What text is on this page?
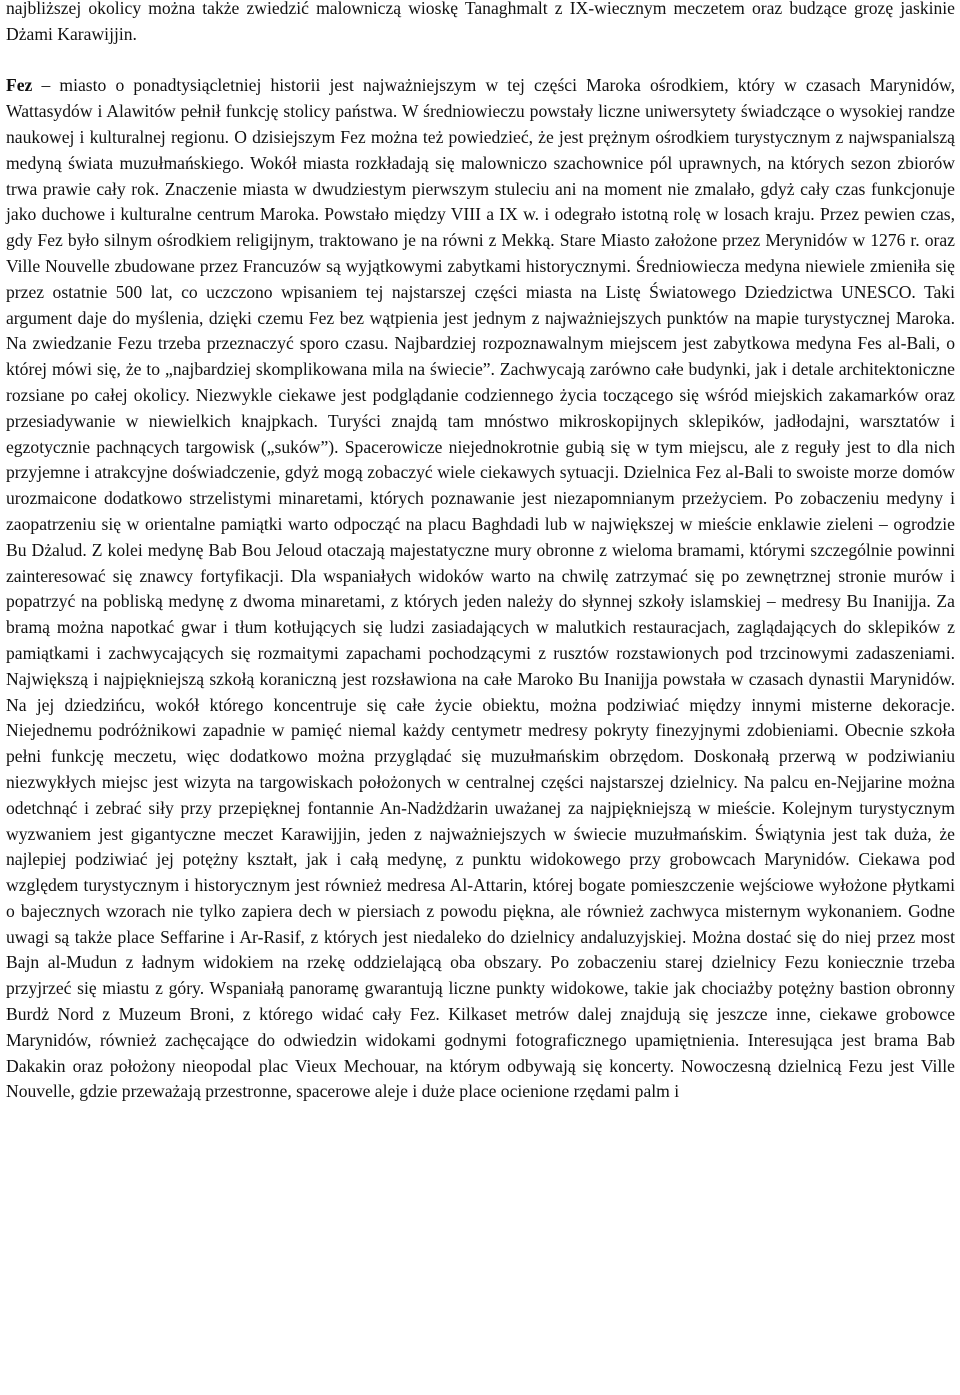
najbliższej okolicy można także zwiedzić malowniczą wioskę Tanaghmalt z IX-wiecznym meczetem oraz budzące grozę jaskinie Dżami Karawijjin.

Fez – miasto o ponadtysiącletniej historii jest najważniejszym w tej części Maroka ośrodkiem, który w czasach Marynidów, Wattasydów i Alawitów pełnił funkcję stolicy państwa. W średniowieczu powstały liczne uniwersytety świadczące o wysokiej randze naukowej i kulturalnej regionu. O dzisiejszym Fez można też powiedzieć, że jest prężnym ośrodkiem turystycznym z najwspanialszą medyną świata muzułmańskiego. Wokół miasta rozkładają się malowniczo szachownice pól uprawnych, na których sezon zbiorów trwa prawie cały rok. Znaczenie miasta w dwudziestym pierwszym stuleciu ani na moment nie zmalało, gdyż cały czas funkcjonuje jako duchowe i kulturalne centrum Maroka. Powstało między VIII a IX w. i odegrało istotną rolę w losach kraju. Przez pewien czas, gdy Fez było silnym ośrodkiem religijnym, traktowano je na równi z Mekką. Stare Miasto założone przez Merynidów w 1276 r. oraz Ville Nouvelle zbudowane przez Francuzów są wyjątkowymi zabytkami historycznymi. Średniowiecza medyna niewiele zmieniła się przez ostatnie 500 lat, co uczczono wpisaniem tej najstarszej części miasta na Listę Światowego Dziedzictwa UNESCO. Taki argument daje do myślenia, dzięki czemu Fez bez wątpienia jest jednym z najważniejszych punktów na mapie turystycznej Maroka. Na zwiedzanie Fezu trzeba przeznaczyć sporo czasu. Najbardziej rozpoznawalnym miejscem jest zabytkowa medyna Fes al-Bali, o której mówi się, że to „najbardziej skomplikowana mila na świecie”. Zachwycają zarówno całe budynki, jak i detale architektoniczne rozsiane po całej okolicy. Niezwykle ciekawe jest podglądanie codziennego życia toczącego się wśród miejskich zakamarków oraz przesiadywanie w niewielkich knajpkach. Turyści znajdą tam mnóstwo mikroskopijnych sklepików, jadłodajni, warsztatów i egzotycznie pachnących targowisk („suków”). Spacerowicze niejednokrotnie gubią się w tym miejscu, ale z reguły jest to dla nich przyjemne i atrakcyjne doświadczenie, gdyż mogą zobaczyć wiele ciekawych sytuacji. Dzielnica Fez al-Bali to swoiste morze domów urozmaicone dodatkowo strzelistymi minaretami, których poznawanie jest niezapomnianym przeżyciem. Po zobaczeniu medyny i zaopatrzeniu się w orientalne pamiątki warto odpocząć na placu Baghdadi lub w największej w mieście enklawie zieleni – ogrodzie Bu Dżalud. Z kolei medynę Bab Bou Jeloud otaczają majestatyczne mury obronne z wieloma bramami, którymi szczególnie powinni zainteresować się znawcy fortyfikacji. Dla wspaniałych widoków warto na chwilę zatrzymać się po zewnętrznej stronie murów i popatrzyć na pobliską medynę z dwoma minaretami, z których jeden należy do słynnej szkoły islamskiej – medresy Bu Inanijja. Za bramą można napotkać gwar i tłum kotłujących się ludzi zasiadających w malutkich restauracjach, zaglądających do sklepików z pamiątkami i zachwycających się rozmaitymi zapachami pochodzącymi z rusztów rozstawionych pod trzcinowymi zadaszeniami. Największą i najpiękniejszą szkołą koraniczną jest rozsławiona na całe Maroko Bu Inanijja powstała w czasach dynastii Marynidów. Na jej dziedzińcu, wokół którego koncentruje się całe życie obiektu, można podziwiać między innymi misterne dekoracje. Niejednemu podróżnikowi zapadnie w pamięć niemal każdy centymetr medresy pokryty finezyjnymi zdobieniami. Obecnie szkoła pełni funkcję meczetu, więc dodatkowo można przyglądać się muzułmańskim obrzędom. Doskonałą przerwą w podziwianiu niezwykłych miejsc jest wizyta na targowiskach położonych w centralnej części najstarszej dzielnicy. Na palcu en-Nejjarine można odetchnąć i zebrać siły przy przepięknej fontannie An-Nadżdżarin uważanej za najpiękniejszą w mieście. Kolejnym turystycznym wyzwaniem jest gigantyczne meczet Karawijjin, jeden z najważniejszych w świecie muzułmańskim. Świątynia jest tak duża, że najlepiej podziwiać jej potężny kształt, jak i całą medynę, z punktu widokowego przy grobowcach Marynidów. Ciekawa pod względem turystycznym i historycznym jest również medresa Al-Attarin, której bogate pomieszczenie wejściowe wyłożone płytkami o bajecznych wzorach nie tylko zapiera dech w piersiach z powodu piękna, ale również zachwyca misternym wykonaniem. Godne uwagi są także place Seffarine i Ar-Rasif, z których jest niedaleko do dzielnicy andaluzyjskiej. Można dostać się do niej przez most Bajn al-Mudun z ładnym widokiem na rzekę oddzielającą oba obszary. Po zobaczeniu starej dzielnicy Fezu koniecznie trzeba przyjrzeć się miastu z góry. Wspaniałą panoramę gwarantują liczne punkty widokowe, takie jak chociażby potężny bastion obronny Burdż Nord z Muzeum Broni, z którego widać cały Fez. Kilkaset metrów dalej znajdują się jeszcze inne, ciekawe grobowce Marynidów, również zachęcające do odwiedzin widokami godnymi fotograficznego upamiętnienia. Interesująca jest brama Bab Dakakin oraz położony nieopodal plac Vieux Mechouar, na którym odbywają się koncerty. Nowoczesną dzielnicą Fezu jest Ville Nouvelle, gdzie przeważają przestronne, spacerowe aleje i duże place ocienione rzędami palm i
